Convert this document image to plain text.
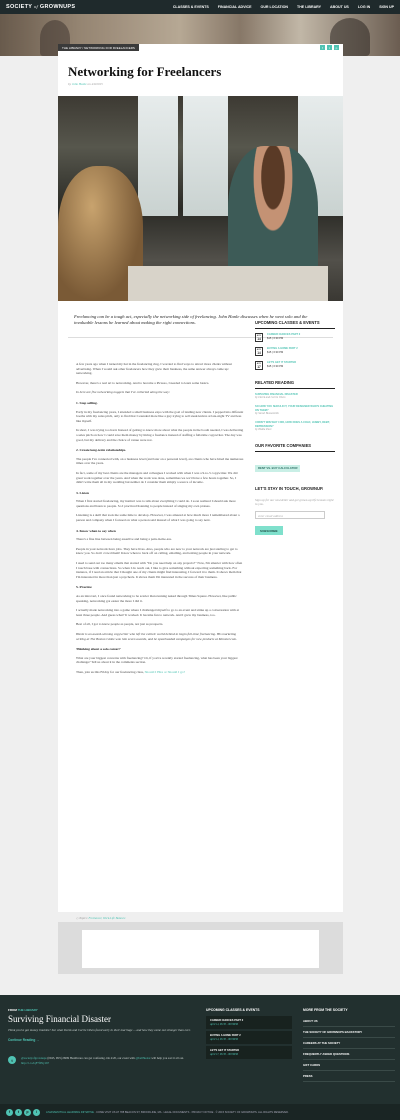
SOCIETY of GROWNUPS	CLASSES & EVENTS	FINANCIAL ADVICE	OUR LOCATION	THE LIBRARY	ABOUT US	LOG IN	SIGN UP
THE LIBRARY / NETWORKING FOR FREELANCERS	SHARE	f	t	p
Networking for Freelancers
by John Hanle on 4/9/2015

Freelancing can be a tough act, especially the networking side of freelancing. John Hanle discusses when he went solo and the invaluable lessons he learned about making the right connections.

A few years ago when I turned my hat in the freelancing ring, I worried to find ways to attract more clients without advertising. When I would ask other freelancers how they grew their business, the same answer always came up: networking.

However, there's a real art to networking. And to become a Picasso, I needed to learn some basics.

In here are five networking nuggets that I've collected along the way:

1. Stop selling.

Early in my freelancing years, I attended a small business expo with the goal of landing new clients. I popped into different booths with my sales pitch, only to find that I sounded more like a guy trying to sell steak knives at late-night TV and less like myself.

In short, I was trying too hard. Instead of getting to know more about what the people in the booth needed, I was delivering a sales pitch on how I could save them money by hiring a freelance instead of staffing a full-time copywriter. The day was good, but my delivery and the choice of venue were not.

2. Create long-term relationships.

The people I've connected with, on a business level (and later on a personal level), are clients who have hired me numerous times over the years.

In fact, some of my best clients are the managers and colleagues I worked with when I was a 9-to-5 copywriter. We did great work together over the years. And when the work was done, sometimes we we'd have a few hours together. So, I didn't write them all in my wedding but neither do I consider them simply a source of income.

3. Listen

When I first started freelancing, my instinct was to talk about everything I could do. I soon realized I should ask more questions and listen to people. So I practiced listening to people instead of singing my own praises.

Listening is a skill that took me some time to develop. However, I was amazed at how much more I remembered about a person and company when I focused on what a person said instead of what I was going to say next.

4. Know when to say when

There's a fine line between being assertive and being a pain-in-the-ass.

People in your network have jobs. They have lives. Also, people who are new to your network are just starting to get to know you. So don't crowd them! Know when to back off on calling, emailing, and texting people in your network.

I used to send out too many emails that started with "Do you need help on any projects?" Now, I'm smarter with how often I touch base with connections. So when I do reach out, I like to give something without expecting something back. For instance, if I read an article that I thought one of my clients might find interesting, I forward it to them. It shows them that I'm interested in more than just a paycheck. It shows them I'm interested in the success of their business.

5. Practice

As an introvert, I once found networking to be scarier than running naked through Times Square. However, like public speaking, networking got easier the more I did it.

I actually made networking into a game where I challenged myself to go to an event and strike up a conversation with at least three people. And guess what? It worked. It became fun to network. And I grew my business, too.

Best of all, I got to know people as people, not just as prospects.

Hanle is an award-winning copywriter who left the cubicle world behind to begin full-time freelancing. His marketing writing at The Boston Globe won him seven awards, and he spearheaded campaigns for new products at Monster.com.

Thinking about a solo career?

What are your biggest concerns with freelancing? Or, if you've recently started freelancing, what has been your biggest challenge? Tell us about it in the comments section.

Then, join us this Friday for our freelancing class, Should I Hire or Should I go?

◇ Topics: Freelancer, Work-Life Balance
UPCOMING CLASSES & EVENTS
APR
14
CAREER CHOICES PART 2
$15 | 6:30 PM
APR
14
BUYING A HOME PART 2
$15 | 6:30 PM
APR
17
LET'S GET IT STARTED
$15 | 6:30 PM
RELATED READING
SURVIVING FINANCIAL DISASTER
by Derek and Carrie Olsen
SO HOW YOU SHOULD IT, YOUR DESIGNER WHO'S CHEATING ON THEM?
by Sarah Buonomillo
I DIDN'T WIN WHY I DID, HOW DOES A COLD, HUBBY, DEBT, DEPRESSION?
by Hadia Pace
OUR FAVORITE COMPANIES
RENT VS. BUY CALCULATOR
LET'S STAY IN TOUCH, GROWNUP.
Sign up for our newsletter and get grown-up life lessons right to you.
enter email address
SUBSCRIBE
FROM THE LIBRARY
Surviving Financial Disaster
Think you've got money troubles? See what Derek and Carrie Olsen faced early in their marriage ... and how they came out stronger than ever.
Continue Reading →
t	@societyofgrownups (0045, 99%) 9999 Healthcare can get confusing. On 4/20, our event with @bellSkolar will help you sort it all out. http://t.co/iqF7f0Sy167
UPCOMING CLASSES & EVENTS
CAREER CHOICES PART 2
April 14, 06:30 - 08:00PM
BUYING A HOME PART 2
April 14, 06:30 - 08:00PM
LET'S GET IT STARTED
April 17, 06:30 - 08:00PM
MORE FROM THE SOCIETY
ABOUT US
THE SOCIETY OF GROWNUPS BACKSTORY
CAREERS AT THE SOCIETY
FREQUENTLY ASKED QUESTIONS
GIFT CARDS
PRESS
f	t	p	i	A MASSMUTUAL LEARNING INITIATIVE · COME VISIT US AT 788 BEACON ST, BROOKLINE, MA · LEGAL DOCUMENTS · PRIVACY NOTICE · © 2015 SOCIETY OF GROWNUPS. ALL RIGHTS RESERVED.
